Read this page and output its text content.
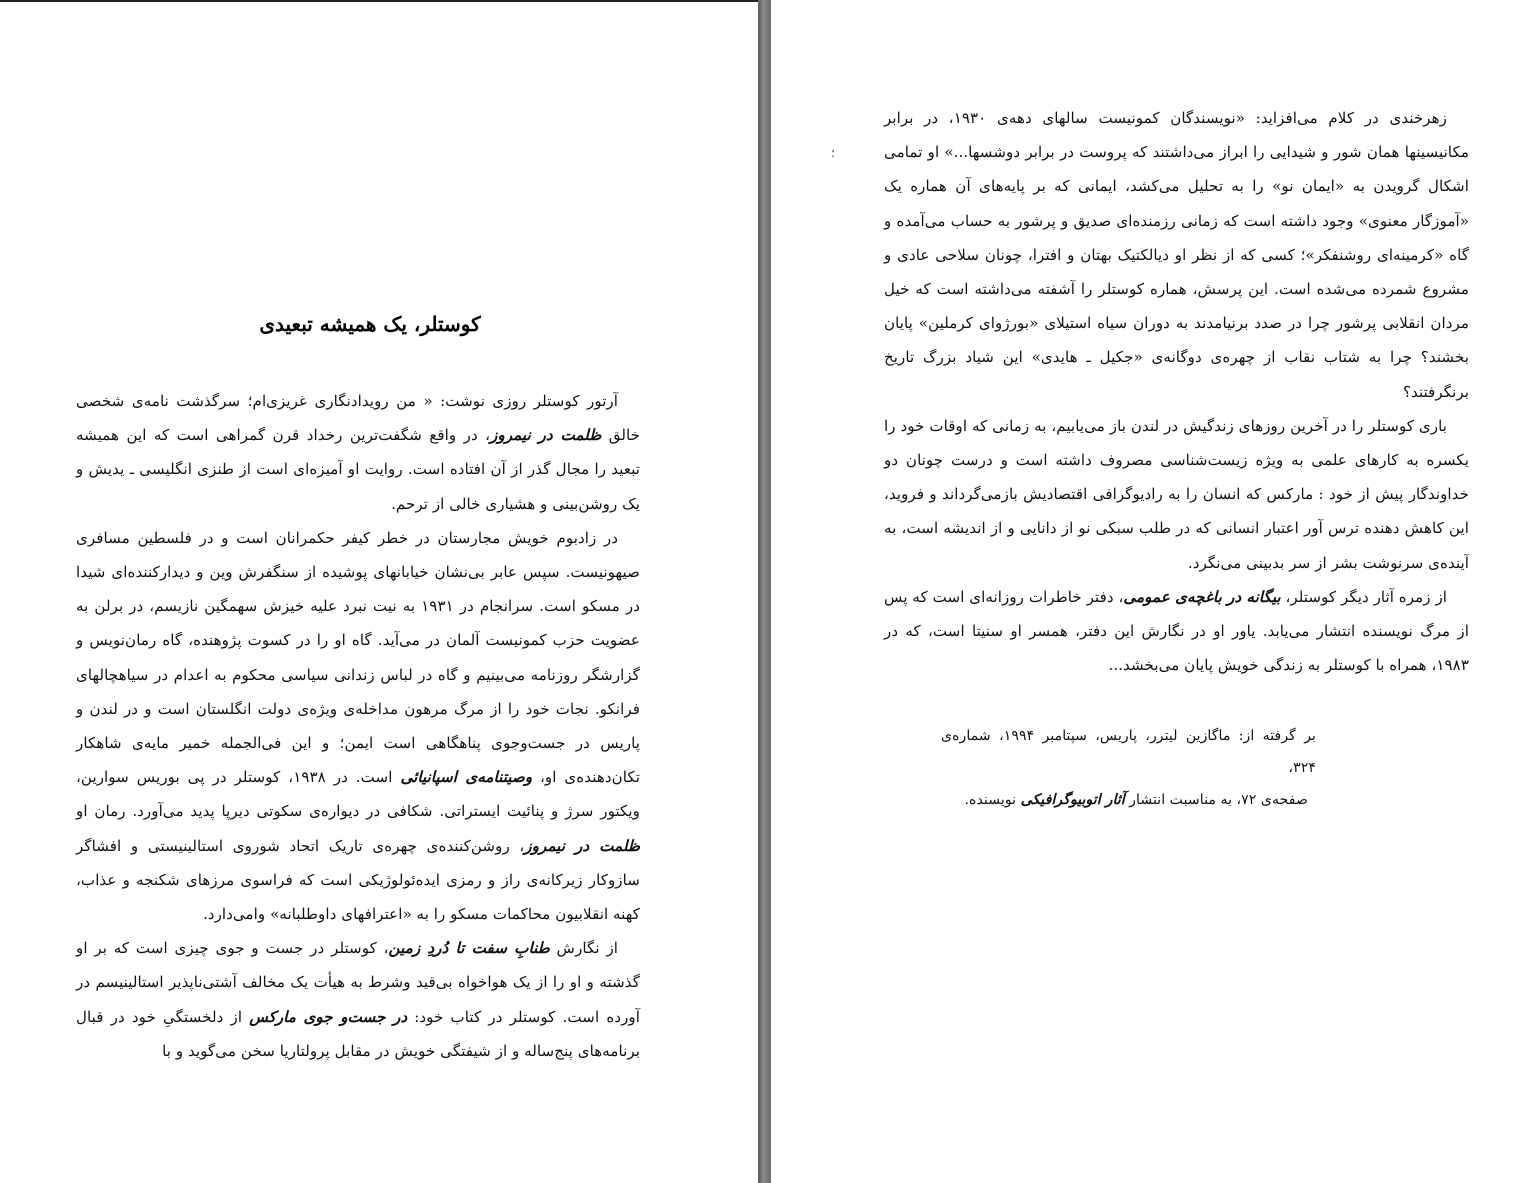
کوستلر، یک همیشه تبعیدی

آرتور کوستلر روزی نوشت: « من رویدادنگاری غریزی‌ام؛ سرگذشت نامه‌ی شخصی خالق ظلمت در نیمروز، در واقع شگفت‌ترین رخداد قرن گمراهی است که این همیشه تبعید را مجال گذر از آن افتاده است. روایت او آمیزه‌ای است از طنزی انگلیسی ـ یدیش و یک روشن‌بینی و هشیاری خالی از ترحم.

در زادبوم خویش مجارستان در خطر کیفر حکمرانان است و در فلسطین مسافری صیهونیست. سپس عابر بی‌نشان خیابانهای پوشیده از سنگفرش وین و دیدارکننده‌ای شیدا در مسکو است. سرانجام در ۱۹۳۱ به نیت نبرد علیه خیزش سهمگین نازیسم، در برلن به عضویت حزب کمونیست آلمان در می‌آید. گاه او را در کسوت پژوهنده، گاه رمان‌نویس و گزارشگر روزنامه می‌بینیم و گاه در لباس زندانی سیاسی محکوم به اعدام در سیاهچالهای فرانکو. نجات خود را از مرگ مرهون مداخله‌ی ویژه‌ی دولت انگلستان است و در لندن و پاریس در جست‌وجوی پناهگاهی است ایمن؛ و این فی‌الجمله خمیر مایه‌ی شاهکار تکان‌دهنده‌ی او، وصیتنامه‌ی اسپانیائی است. در ۱۹۳۸، کوستلر در پی بوریس سوارین، ویکتور سرژ و پنائیت ایستراتی. شکافی در دیواره‌ی سکوتی دیرپا پدید می‌آورد. رمان او ظلمت در نیمروز، روشن‌کننده‌ی چهره‌ی تاریک اتحاد شوروی استالینیستی و افشاگر سازوکار زیرکانه‌ی راز و رمزی ایده‌ئولوژیکی است که فراسوی مرزهای شکنجه و عذاب، کهنه انقلابیون محاکمات مسکو را به «اعترافهای داوطلبانه» وامی‌دارد.

از نگارش طنابِ سفت تا دُردِ زمین، کوستلر در جست و جوی چیزی است که بر او گذشته و او را از یک هواخواه بی‌قید وشرط به هیأت یک مخالف آشتی‌ناپذیر استالینیسم در آورده است. کوستلر در کتاب خود: در جست‌و جوی مارکس از دلخستگیِ خود در قبال برنامه‌های پنج‌ساله و از شیفتگی خویش در مقابل پرولتاریا سخن می‌گوید و با

؛

زهرخندی در کلام می‌افزاید: «نویسندگان کمونیست سالهای دهه‌ی ۱۹۳۰، در برابر مکانیسینها همان شور و شیدایی را ابراز می‌داشتند که پروست در برابر دوشسها...» او تمامی اشکال گرویدن به «ایمان نو» را به تحلیل می‌کشد، ایمانی که بر پایه‌های آن هماره یک «آموزگار معنوی» وجود داشته است که زمانی رزمنده‌ای صدیق و پرشور به حساب می‌آمده و گاه «کرمینه‌ای روشنفکر»؛ کسی که از نظر او دیالکتیک بهتان و افترا، چونان سلاحی عادی و مشروع شمرده می‌شده است. این پرسش، هماره کوستلر را آشفته می‌داشته است که خیل مردان انقلابی پرشور چرا در صدد برنیامدند به دوران سیاه استیلای «بورژوای کرملین» پایان بخشند؟ چرا به شتاب نقاب از چهره‌ی دوگانه‌ی «جکیل ـ هایدی» این شیاد بزرگ تاریخ برنگرفتند؟

باری کوستلر را در آخرین روزهای زندگیش در لندن باز می‌یابیم، به زمانی که اوقات خود را یکسره به کارهای علمی به ویژه زیست‌شناسی مصروف داشته است و درست چونان دو خداوندگار پیش از خود : مارکس که انسان را به رادیوگرافی اقتصادیش بازمی‌گرداند و فروید، این کاهش دهنده ترس آور اعتبار انسانی که در طلب سبکی نو از دانایی و از اندیشه است، به آینده‌ی سرنوشت بشر از سر بدبینی می‌نگرد.

از زمره آثار دیگر کوستلر، بیگانه در باغچه‌ی عمومی، دفتر خاطرات روزانه‌ای است که پس از مرگ نویسنده انتشار می‌یابد. یاور او در نگارش این دفتر، همسر او سنیتا است، که در ۱۹۸۳، همراه با کوستلر به زندگی خویش پایان می‌بخشد...

بر گرفته از: ماگازین لیترر، پاریس، سپتامبر ۱۹۹۴، شماره‌ی ۳۲۴،
صفحه‌ی ۷۲، به مناسبت انتشار آثار اتوبیوگرافیکی نویسنده.
